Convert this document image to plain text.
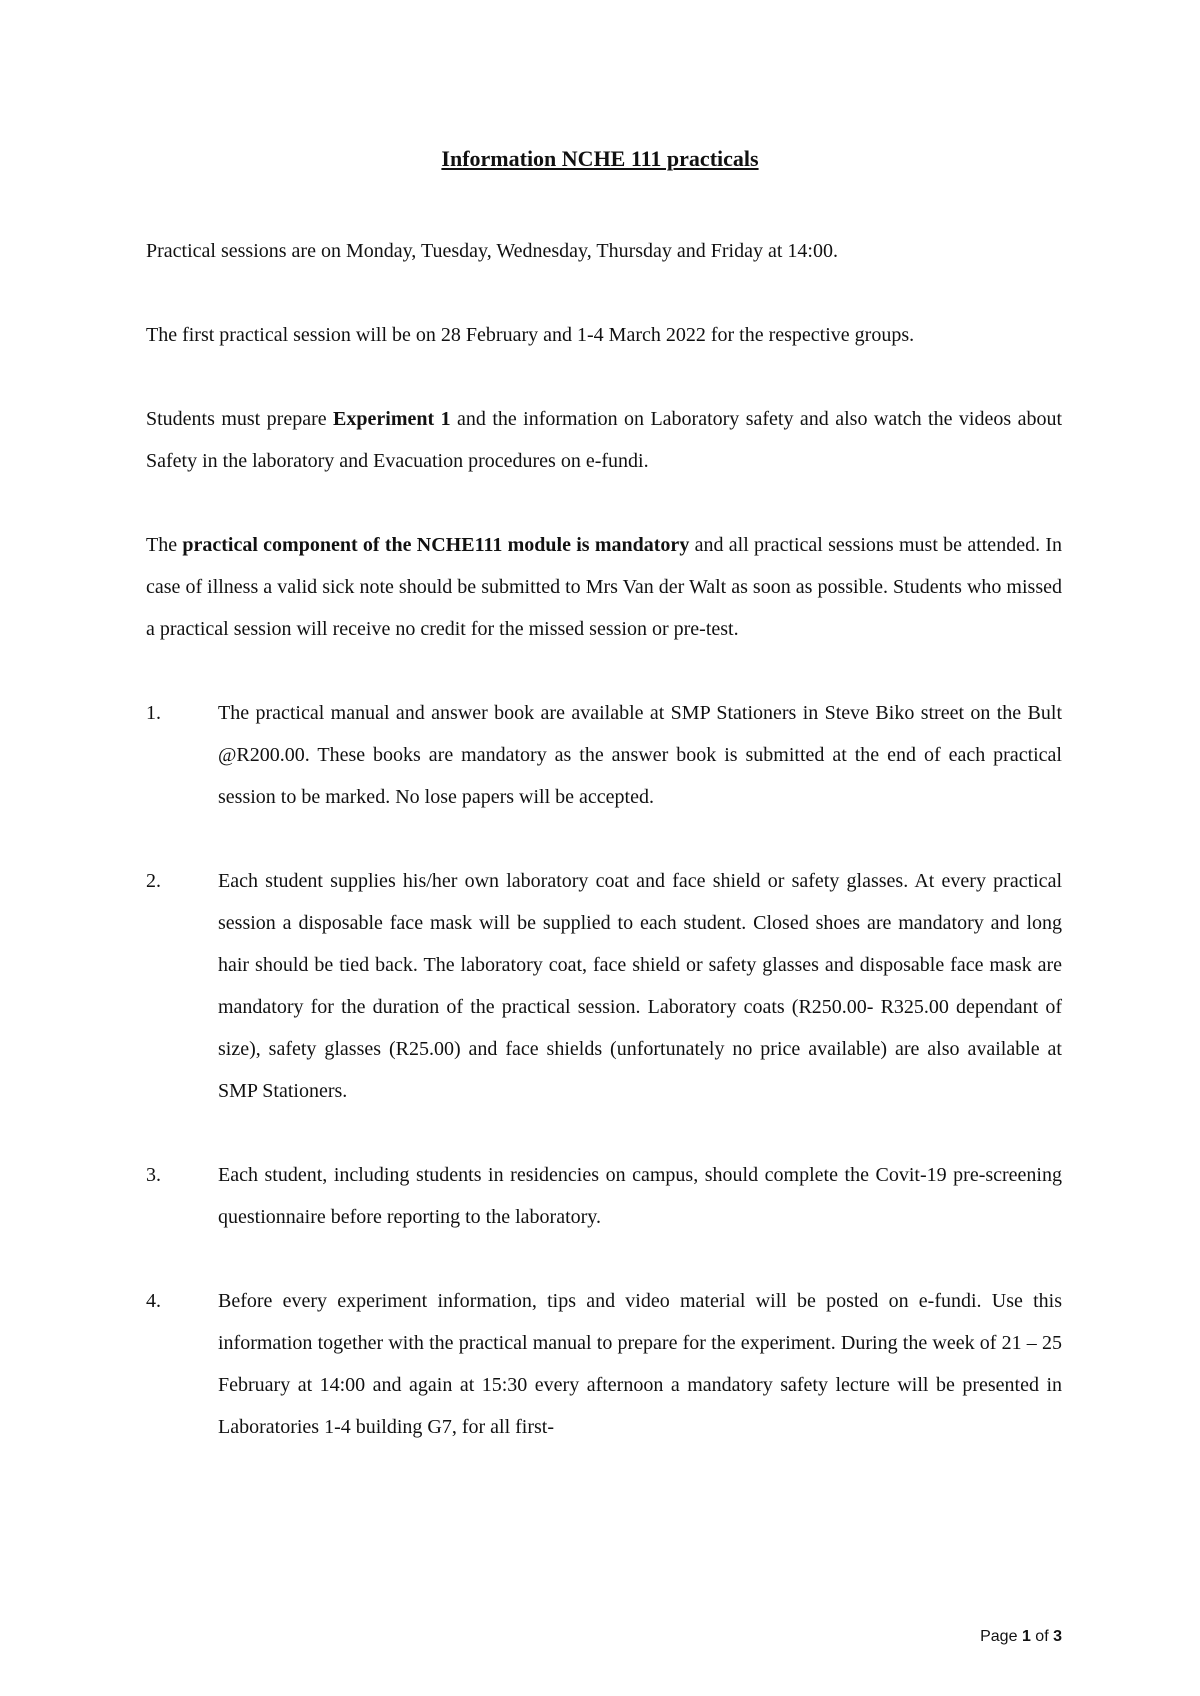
Information NCHE 111 practicals

Practical sessions are on Monday, Tuesday, Wednesday, Thursday and Friday at 14:00.

The first practical session will be on 28 February and 1-4 March 2022 for the respective groups.

Students must prepare Experiment 1 and the information on Laboratory safety and also watch the videos about Safety in the laboratory and Evacuation procedures on e-fundi.

The practical component of the NCHE111 module is mandatory and all practical sessions must be attended. In case of illness a valid sick note should be submitted to Mrs Van der Walt as soon as possible. Students who missed a practical session will receive no credit for the missed session or pre-test.

1.	The practical manual and answer book are available at SMP Stationers in Steve Biko street on the Bult @R200.00. These books are mandatory as the answer book is submitted at the end of each practical session to be marked. No lose papers will be accepted.
2.	Each student supplies his/her own laboratory coat and face shield or safety glasses. At every practical session a disposable face mask will be supplied to each student. Closed shoes are mandatory and long hair should be tied back. The laboratory coat, face shield or safety glasses and disposable face mask are mandatory for the duration of the practical session. Laboratory coats (R250.00- R325.00 dependant of size), safety glasses (R25.00) and face shields (unfortunately no price available) are also available at SMP Stationers.
3.	Each student, including students in residencies on campus, should complete the Covit-19 pre-screening questionnaire before reporting to the laboratory.
4.	Before every experiment information, tips and video material will be posted on e-fundi. Use this information together with the practical manual to prepare for the experiment. During the week of 21 – 25 February at 14:00 and again at 15:30 every afternoon a mandatory safety lecture will be presented in Laboratories 1-4 building G7, for all first-
Page 1 of 3
